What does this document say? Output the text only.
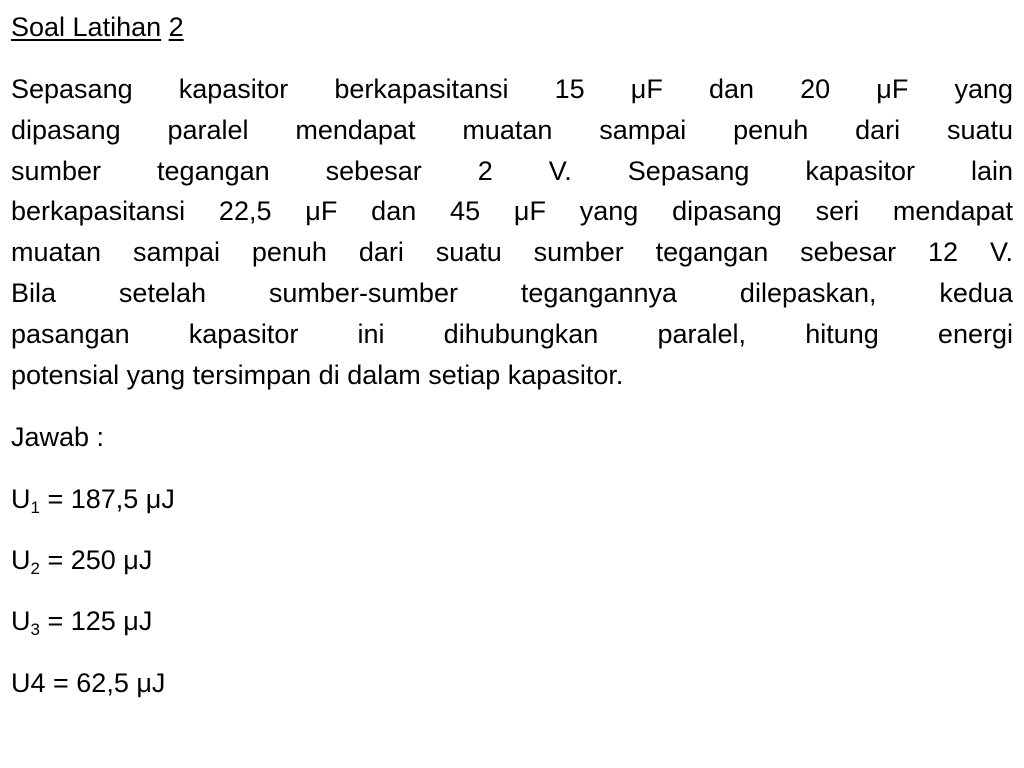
Soal Latihan 2
Sepasang kapasitor berkapasitansi 15 μF dan 20 μF yang
dipasang paralel mendapat muatan sampai penuh dari suatu
sumber tegangan sebesar 2 V. Sepasang kapasitor lain
berkapasitansi 22,5 μF dan 45 μF yang dipasang seri mendapat
muatan sampai penuh dari suatu sumber tegangan sebesar 12 V.
Bila setelah sumber-sumber tegangannya dilepaskan, kedua
pasangan kapasitor ini dihubungkan paralel, hitung energi
potensial yang tersimpan di dalam setiap kapasitor.
Jawab :
$U_1 = 187,5$ μJ
$U_2 = 250$ μJ
$U_3 = 125$ μJ
U4 = 62,5 μJ
